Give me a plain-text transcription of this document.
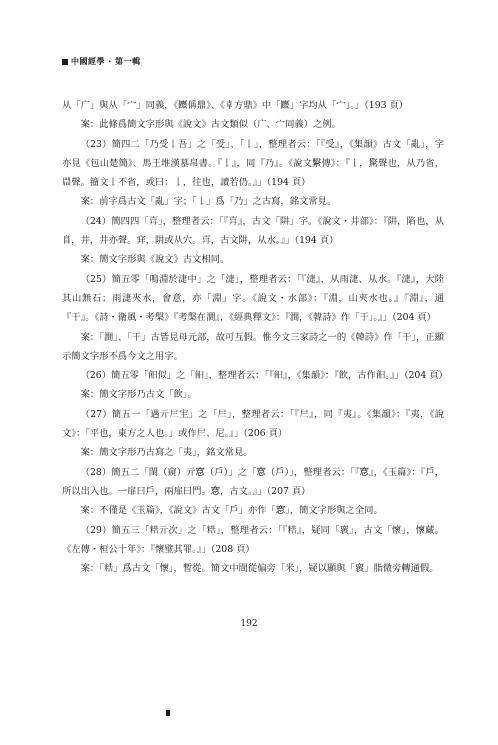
中國經學 · 第一輯

从「广」與从「宀」同義，《𠥫偁鼎》、《𠦝方鼎》中「𠥫」字均从「宀」。」（193 頁）

案：此條爲簡文字形與《說文》古文類似（广、宀同義）之例。

（23）簡四二「乃受𠄌吾」之「受」、「𠄌」，整理者云：「『受』，《集韻》古文「亂」，字亦見《包山楚簡》、馬王堆漢墓帛書。『𠄌』，同『乃』。《說文繫傳》：『𠄌，驚聲也，从乃省，𥆞聲。籀文𠄌不省，或曰：𠄌，往也，讀若仍。』」（194 頁）

案：前字爲古文「亂」字；「𠄌」爲「乃」之古寫，銘文常見。

（24）簡四四「𡔤」，整理者云：「『𡔤』，古文「阱」字。《說文・井部》：『阱，陷也，从𨸏，井，井亦聲。穽，阱或从穴。𡔤，古文阱，从水。』」（194 頁）

案：簡文字形與《說文》古文相同。

（25）簡五零「鳴淵於𣶏中」之「𣶏」，整理者云：「『𣶏』，从雨𣶏、从水。『𣶏』，大陸其山無石；雨𣶏夾水，會意，亦「淵」字。《說文・水部》：『淵，山夾水也。』『淵』，通『干』。《詩・衛風・考槃》『考槃在澗』，《經典釋文》：『澗，《韓詩》作「干」。』」（204 頁）

案：「澗」、「干」古皆見母元部，故可互假。惟今文三家詩之一的《韓詩》作「干」，正顯示簡文字形不爲今文之用字。

（26）簡五零「𩚣似」之「𩚣」，整理者云：「『𩚣』，《集韻》：『飲，古作𩚣。』」（204 頁）

案：簡文字形乃古文「飲」。

（27）簡五一「遇亓𡰥宔」之「𡰥」，整理者云：「『𡰥』，同『夷』。《集韻》：『夷，《說文》：「平也，東方之人也。」或作𡰥、尼。』」（206 頁）

案：簡文字形乃古寫之「夷」，銘文常見。

（28）簡五二「閨（窺）亓𥦗（戶）」之「𥦗（戶）」，整理者云：「『𥦗』，《玉篇》：『戶，所以出入也。一扉曰戶，兩扉曰門。𥦗，古文。』」（207 頁）

案：不僅是《玉篇》，《說文》古文「戶」亦作「𥦗」，簡文字形與之全同。

（29）簡五三「𥺊亓次」之「𥺊」，整理者云：「『𥺊』，疑同「褱」，古文「懷」，懷藏。《左傳・桓公十年》：『懷璧其罪。』」（208 頁）

案：「𥺊」爲古文「懷」，暫從。簡文中間從偏旁「米」，疑以顯與「褱」脂微旁轉通假。

192
